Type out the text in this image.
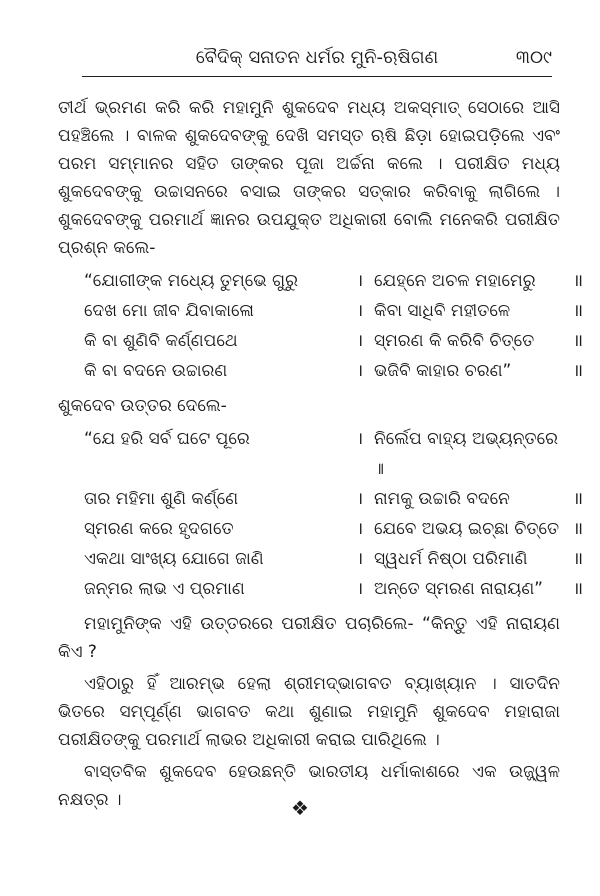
ବୈଦିକ୍ ସନାତନ ଧର୍ମର ମୁନି-ଋଷିଗଣ	୩୦୯

ତୀର୍ଥ ଭ୍ରମଣ କରି କରି ମହାମୁନି ଶୁକଦେବ ମଧ୍ୟ ଅକସ୍ମାତ୍ ସେଠାରେ ଆସି ପହଞ୍ଚିଲେ । ବାଳକ ଶୁକଦେବଙ୍କୁ ଦେଖି ସମସ୍ତ ଋଷି ଛିଡ଼ା ହୋଇପଡ଼ିଲେ ଏବଂ ପରମ ସମ୍ମାନର ସହିତ ତାଙ୍କର ପୂଜା ଅର୍ଚ୍ଚନା କଲେ । ପରୀକ୍ଷିତ ମଧ୍ୟ ଶୁକଦେବଙ୍କୁ ଉଚ୍ଚାସନରେ ବସାଇ ତାଙ୍କର ସତ୍କାର କରିବାକୁ ଲାଗିଲେ । ଶୁକଦେବଙ୍କୁ ପରମାର୍ଥ ଜ୍ଞାନର ଉପଯୁକ୍ତ ଅଧିକାରୀ ବୋଲି ମନେକରି ପରୀକ୍ଷିତ ପ୍ରଶ୍ନ କଲେ-

“ଯୋଗୀଙ୍କ ମଧ୍ୟେ ତୁମ୍ଭେ ଗୁରୁ	। ଯେହ୍ନେ ଅଚଳ ମହାମେରୁ	॥
ଦେଖ ମୋ ଜୀବ ଯିବାକାଳୋ	। କିବା ସାଧିବି ମହୀତଳେ	॥
କି ବା ଶୁଣିବି କର୍ଣ୍ଣପଥେ	। ସ୍ମରଣ କି କରିବି ଚିତ୍ତେ	॥
କି ବା ବଦନେ ଉଚ୍ଚାରଣ	। ଭଜିବି କାହାର ଚରଣ”	॥

ଶୁକଦେବ ଉତ୍ତର ଦେଲେ-

“ଯେ ହରି ସର୍ବ ଘଟେ ପୂରେ	। ନିର୍ଲେପ ବାହ୍ୟ ଅଭ୍ୟନ୍ତରେ ॥
ତାର ମହିମା ଶୁଣି କର୍ଣ୍ଣେ	। ନାମକୁ ଉଚ୍ଚାରି ବଦନେ	॥
ସ୍ମରଣ କରେ ହୃଦଗତେ	। ଯେବେ ଅଭୟ ଇଚ୍ଛା ଚିତ୍ତେ ॥
ଏକଥା ସାଂଖ୍ୟ ଯୋଗେ ଜାଣି	। ସ୍ୱଧର୍ମ ନିଷ୍ଠା ପରିମାଣି	॥
ଜନ୍ମର ଲାଭ ଏ ପ୍ରମାଣ	। ଅନ୍ତେ ସ୍ମରଣ ନାରାୟଣ”	॥

ମହାମୁନିଙ୍କ ଏହି ଉତ୍ତରରେ ପରୀକ୍ଷିତ ପଚାରିଲେ- “କିନ୍ତୁ ଏହି ନାରାୟଣ କିଏ ?

ଏହିଠାରୁ ହିଁ ଆରମ୍ଭ ହେଲା ଶ୍ରୀମଦ୍‌ଭାଗବତ ବ୍ୟାଖ୍ୟାନ । ସାତଦିନ ଭିତରେ ସମ୍ପୂର୍ଣ୍ଣ ଭାଗବତ କଥା ଶୁଣାଇ ମହାମୁନି ଶୁକଦେବ ମହାରାଜା ପରୀକ୍ଷିତଙ୍କୁ ପରମାର୍ଥ ଲାଭର ଅଧିକାରୀ କରାଇ ପାରିଥିଲେ ।

ବାସ୍ତବିକ ଶୁକଦେବ ହେଉଛନ୍ତି ଭାରତୀୟ ଧର୍ମାକାଶରେ ଏକ ଉଜ୍ଜ୍ୱଳ ନକ୍ଷତ୍ର ।	❖
